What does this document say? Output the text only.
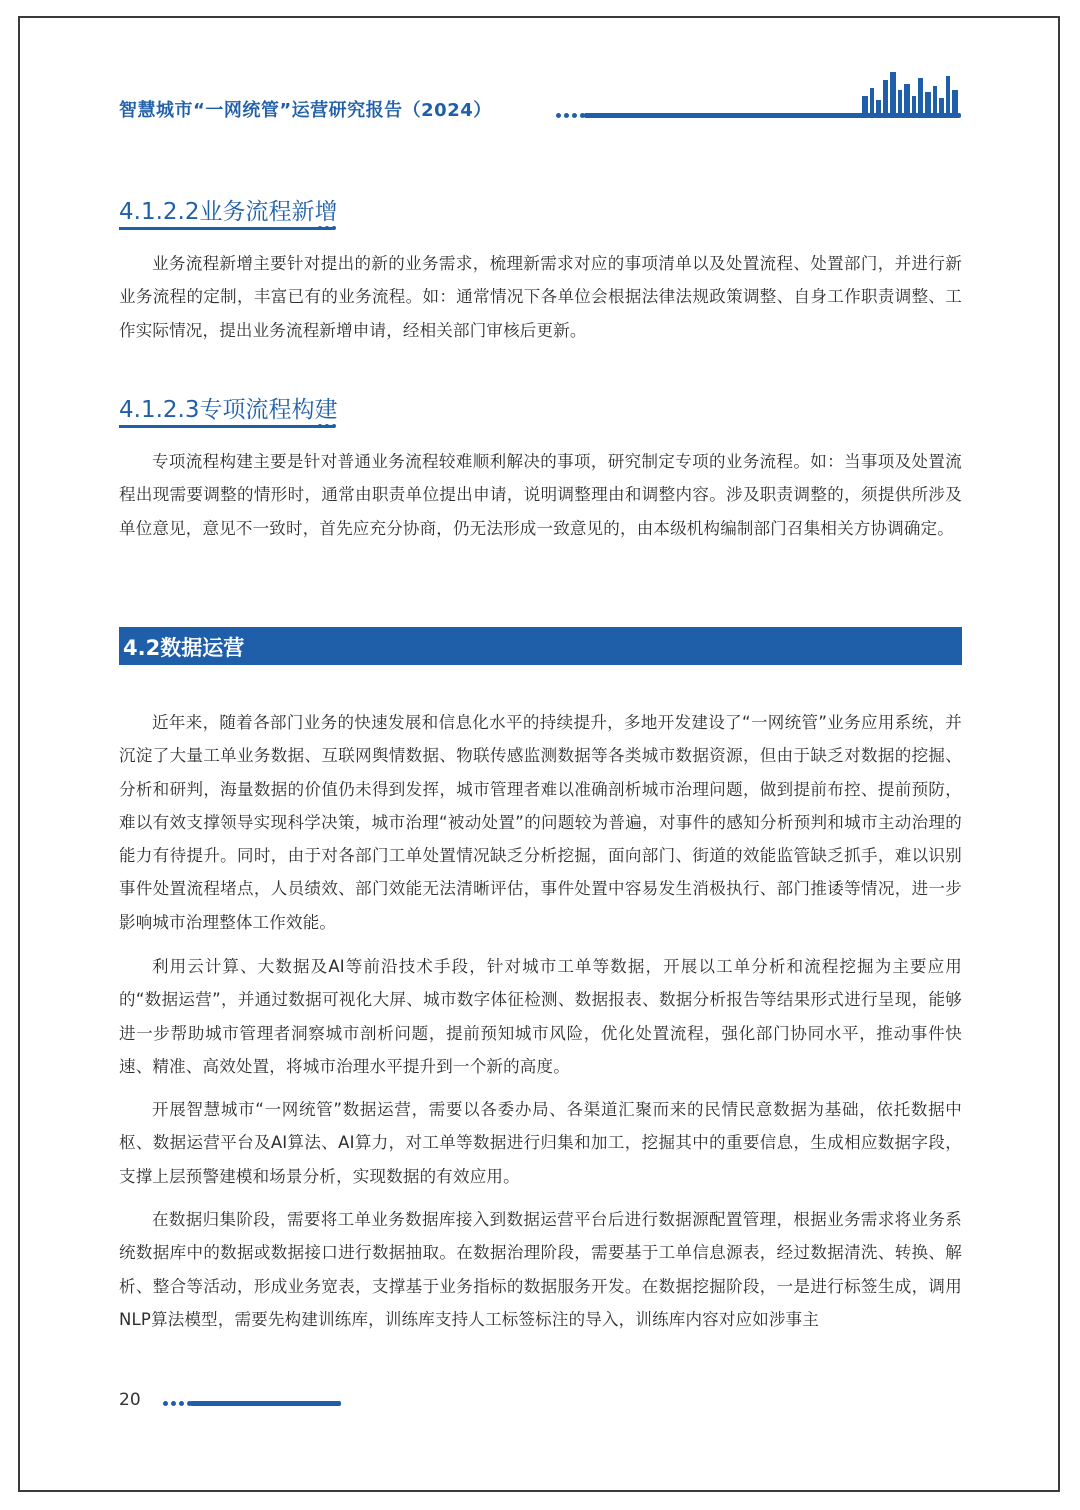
智慧城市“一网统管”运营研究报告（2024）
4.1.2.2业务流程新增
业务流程新增主要针对提出的新的业务需求，梳理新需求对应的事项清单以及处置流程、处置部门，并进行新业务流程的定制，丰富已有的业务流程。如：通常情况下各单位会根据法律法规政策调整、自身工作职责调整、工作实际情况，提出业务流程新增申请，经相关部门审核后更新。
4.1.2.3专项流程构建
专项流程构建主要是针对普通业务流程较难顺利解决的事项，研究制定专项的业务流程。如：当事项及处置流程出现需要调整的情形时，通常由职责单位提出申请，说明调整理由和调整内容。涉及职责调整的，须提供所涉及单位意见，意见不一致时，首先应充分协商，仍无法形成一致意见的，由本级机构编制部门召集相关方协调确定。
4.2数据运营
近年来，随着各部门业务的快速发展和信息化水平的持续提升，多地开发建设了“一网统管”业务应用系统，并沉淀了大量工单业务数据、互联网舆情数据、物联传感监测数据等各类城市数据资源，但由于缺乏对数据的挖掘、分析和研判，海量数据的价值仍未得到发挥，城市管理者难以准确剖析城市治理问题，做到提前布控、提前预防，难以有效支撑领导实现科学决策，城市治理“被动处置”的问题较为普遍，对事件的感知分析预判和城市主动治理的能力有待提升。同时，由于对各部门工单处置情况缺乏分析挖掘，面向部门、街道的效能监管缺乏抓手，难以识别事件处置流程堵点，人员绩效、部门效能无法清晰评估，事件处置中容易发生消极执行、部门推诿等情况，进一步影响城市治理整体工作效能。
利用云计算、大数据及AI等前沿技术手段，针对城市工单等数据，开展以工单分析和流程挖掘为主要应用的“数据运营”，并通过数据可视化大屏、城市数字体征检测、数据报表、数据分析报告等结果形式进行呈现，能够进一步帮助城市管理者洞察城市剖析问题，提前预知城市风险，优化处置流程，强化部门协同水平，推动事件快速、精准、高效处置，将城市治理水平提升到一个新的高度。
开展智慧城市“一网统管”数据运营，需要以各委办局、各渠道汇聚而来的民情民意数据为基础，依托数据中枢、数据运营平台及AI算法、AI算力，对工单等数据进行归集和加工，挖掘其中的重要信息，生成相应数据字段，支撑上层预警建模和场景分析，实现数据的有效应用。
在数据归集阶段，需要将工单业务数据库接入到数据运营平台后进行数据源配置管理，根据业务需求将业务系统数据库中的数据或数据接口进行数据抽取。在数据治理阶段，需要基于工单信息源表，经过数据清洗、转换、解析、整合等活动，形成业务宽表，支撑基于业务指标的数据服务开发。在数据挖掘阶段，一是进行标签生成，调用NLP算法模型，需要先构建训练库，训练库支持人工标签标注的导入，训练库内容对应如涉事主
20
